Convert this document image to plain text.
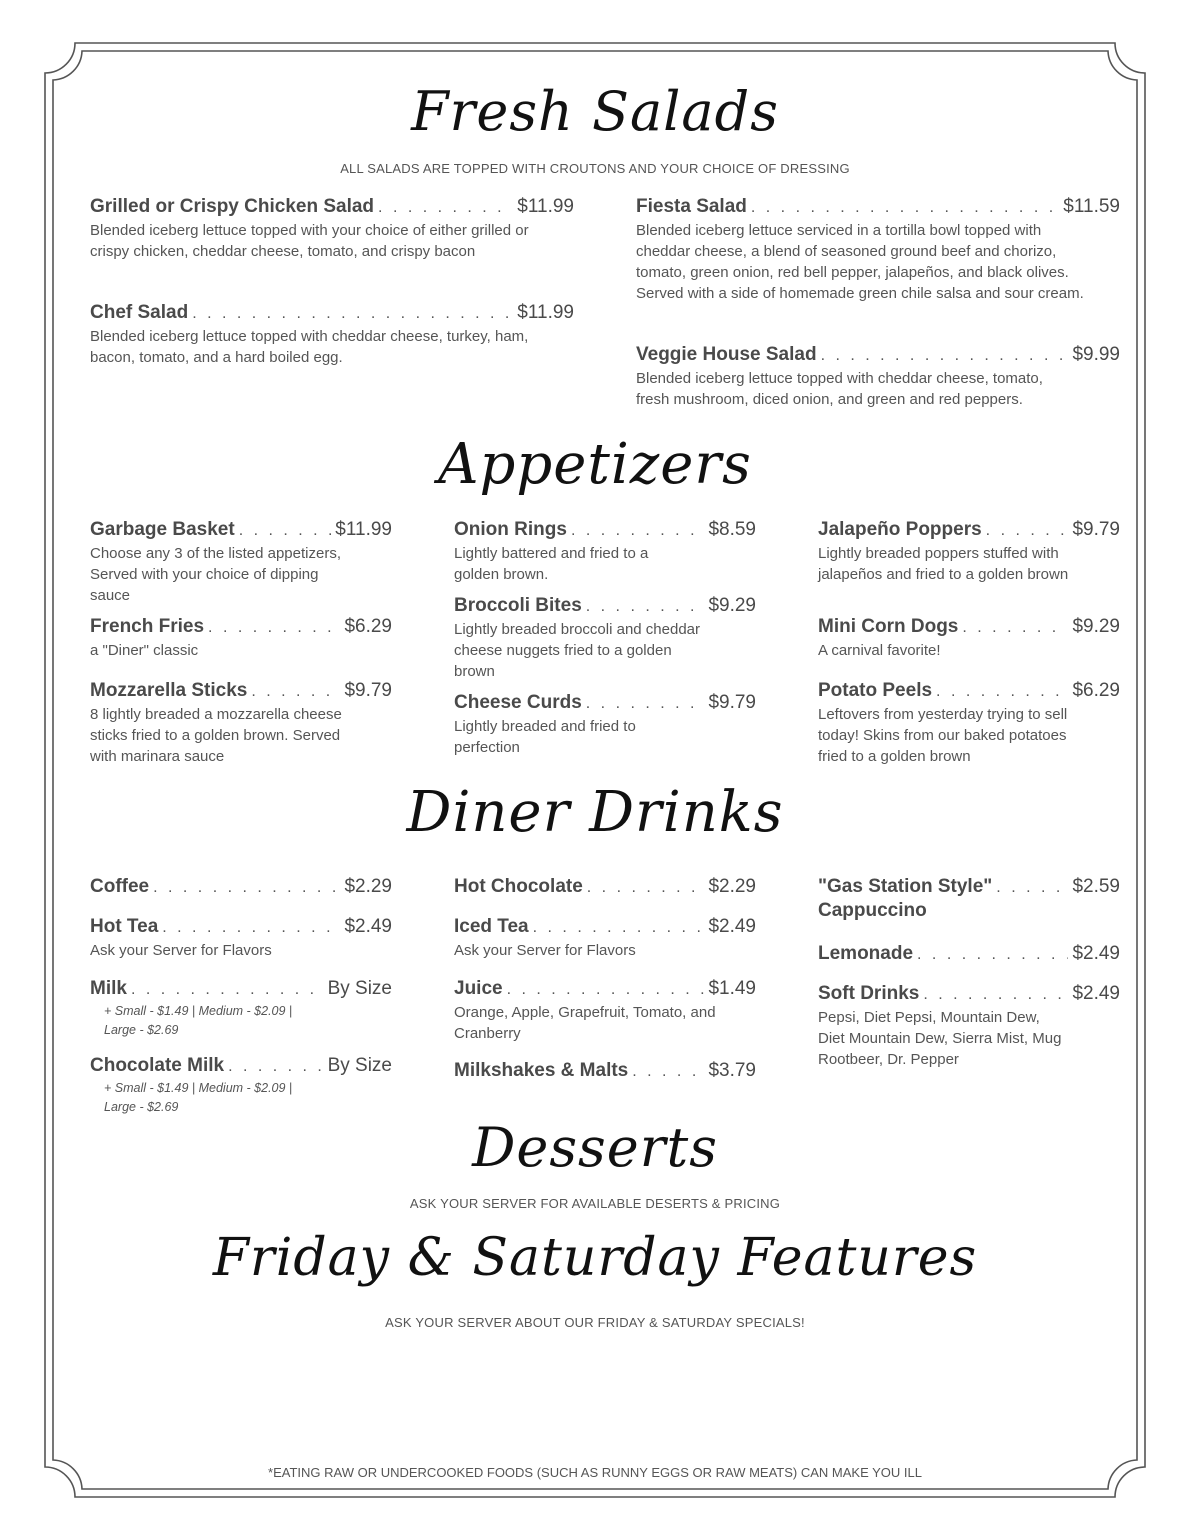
Fresh Salads
ALL SALADS ARE TOPPED WITH CROUTONS AND YOUR CHOICE OF DRESSING
Grilled or Crispy Chicken Salad . . .	$11.99
Blended iceberg lettuce topped with your choice of either grilled or crispy chicken, cheddar cheese, tomato, and crispy bacon
Chef Salad . . .	$11.99
Blended iceberg lettuce topped with cheddar cheese, turkey, ham, bacon, tomato, and a hard boiled egg.
Fiesta Salad . . .	$11.59
Blended iceberg lettuce serviced in a tortilla bowl topped with cheddar cheese, a blend of seasoned ground beef and chorizo, tomato, green onion, red bell pepper, jalapeños, and black olives. Served with a side of homemade green chile salsa and sour cream.
Veggie House Salad . . .	$9.99
Blended iceberg lettuce topped with cheddar cheese, tomato, fresh mushroom, diced onion, and green and red peppers.
Appetizers
Garbage Basket . . .	$11.99
Choose any 3 of the listed appetizers, Served with your choice of dipping sauce
French Fries . . .	$6.29
a "Diner" classic
Mozzarella Sticks . . .	$9.79
8 lightly breaded a mozzarella cheese sticks fried to a golden brown. Served with marinara sauce
Onion Rings . . .	$8.59
Lightly battered and fried to a golden brown.
Broccoli Bites . . .	$9.29
Lightly breaded broccoli and cheddar cheese nuggets fried to a golden brown
Cheese Curds . . .	$9.79
Lightly breaded and fried to perfection
Jalapeño Poppers . . .	$9.79
Lightly breaded poppers stuffed with jalapeños and fried to a golden brown
Mini Corn Dogs . . .	$9.29
A carnival favorite!
Potato Peels . . .	$6.29
Leftovers from yesterday trying to sell today! Skins from our baked potatoes fried to a golden brown
Diner Drinks
Coffee . . .	$2.29
Hot Tea . . .	$2.49
Ask your Server for Flavors
Milk . . .	By Size
+ Small - $1.49 | Medium - $2.09 |
Large - $2.69
Chocolate Milk . . .	By Size
+ Small - $1.49 | Medium - $2.09 |
Large - $2.69
Hot Chocolate . . .	$2.29
Iced Tea . . .	$2.49
Ask your Server for Flavors
Juice . . .	$1.49
Orange, Apple, Grapefruit, Tomato, and Cranberry
Milkshakes & Malts . . .	$3.79
"Gas Station Style" . . .	$2.59
Cappuccino
Lemonade . . .	$2.49
Soft Drinks . . .	$2.49
Pepsi, Diet Pepsi, Mountain Dew, Diet Mountain Dew, Sierra Mist, Mug Rootbeer, Dr. Pepper
Desserts
ASK YOUR SERVER FOR AVAILABLE DESERTS & PRICING
Friday & Saturday Features
ASK YOUR SERVER ABOUT OUR FRIDAY & SATURDAY SPECIALS!
*EATING RAW OR UNDERCOOKED FOODS (SUCH AS RUNNY EGGS OR RAW MEATS) CAN MAKE YOU ILL
